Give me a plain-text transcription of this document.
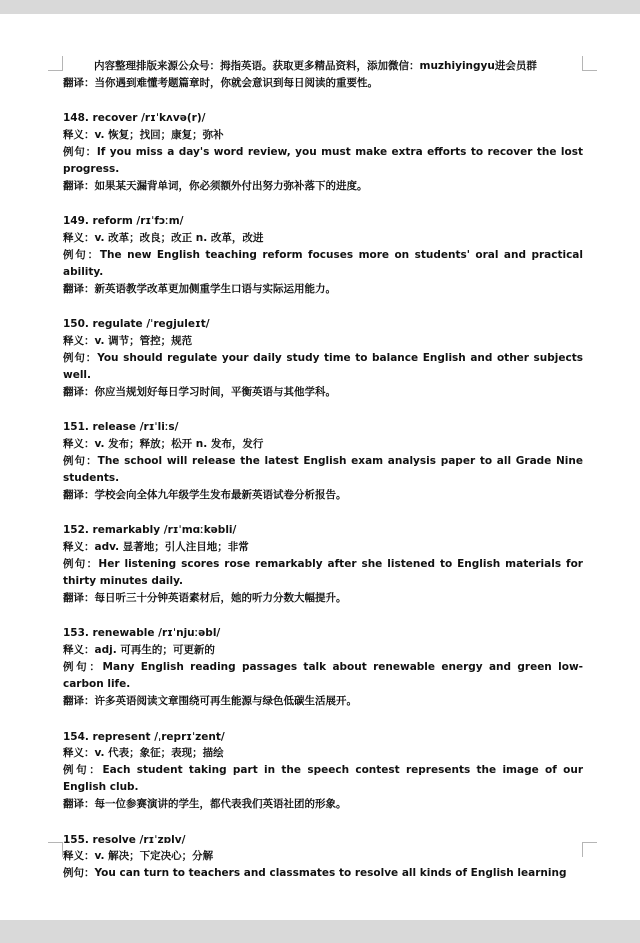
内容整理排版来源公众号：拇指英语。获取更多精品资料，添加微信：muzhiyingyu进会员群
翻译：当你遇到难懂考题篇章时，你就会意识到每日阅读的重要性。
148. recover /rɪˈkʌvə(r)/
释义：v. 恢复；找回；康复；弥补
例句：If you miss a day's word review, you must make extra efforts to recover the lost progress.
翻译：如果某天漏背单词，你必须额外付出努力弥补落下的进度。
149. reform /rɪˈfɔːm/
释义：v. 改革；改良；改正 n. 改革，改进
例句：The new English teaching reform focuses more on students' oral and practical ability.
翻译：新英语教学改革更加侧重学生口语与实际运用能力。
150. regulate /ˈreɡjuleɪt/
释义：v. 调节；管控；规范
例句：You should regulate your daily study time to balance English and other subjects well.
翻译：你应当规划好每日学习时间，平衡英语与其他学科。
151. release /rɪˈliːs/
释义：v. 发布；释放；松开 n. 发布，发行
例句：The school will release the latest English exam analysis paper to all Grade Nine students.
翻译：学校会向全体九年级学生发布最新英语试卷分析报告。
152. remarkably /rɪˈmɑːkəbli/
释义：adv. 显著地；引人注目地；非常
例句：Her listening scores rose remarkably after she listened to English materials for thirty minutes daily.
翻译：每日听三十分钟英语素材后，她的听力分数大幅提升。
153. renewable /rɪˈnjuːəbl/
释义：adj. 可再生的；可更新的
例句：Many English reading passages talk about renewable energy and green low-carbon life.
翻译：许多英语阅读文章围绕可再生能源与绿色低碳生活展开。
154. represent /ˌreprɪˈzent/
释义：v. 代表；象征；表现；描绘
例句：Each student taking part in the speech contest represents the image of our English club.
翻译：每一位参赛演讲的学生，都代表我们英语社团的形象。
155. resolve /rɪˈzɒlv/
释义：v. 解决；下定决心；分解
例句：You can turn to teachers and classmates to resolve all kinds of English learning
